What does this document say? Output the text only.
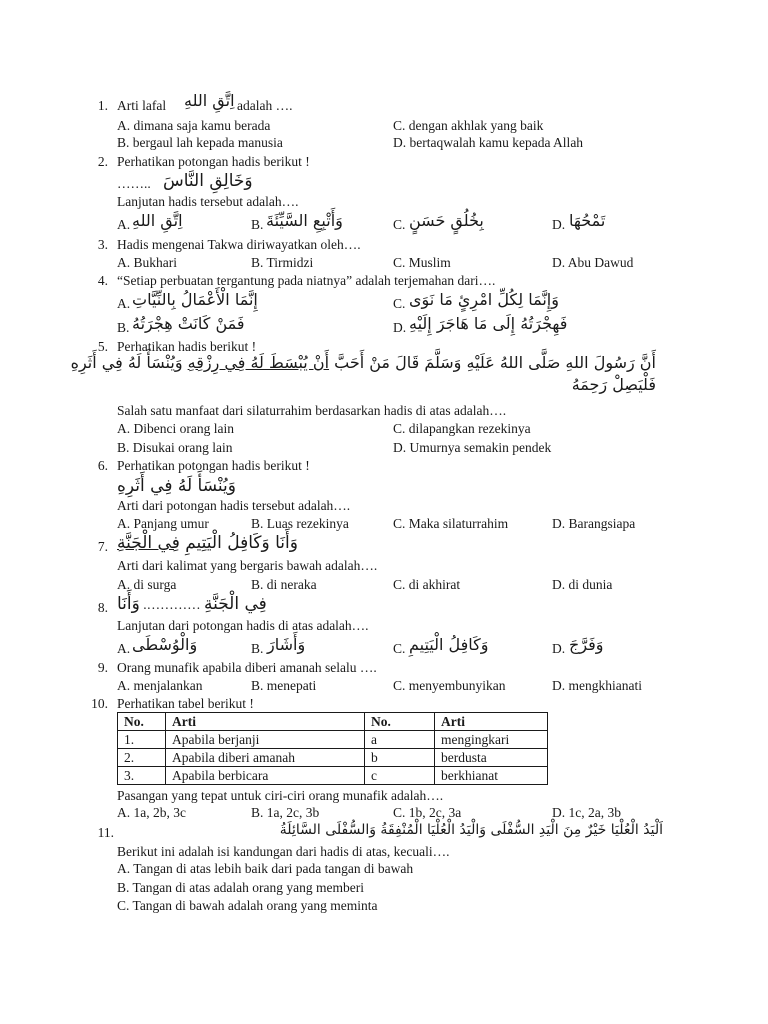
1. Arti lafal اِتَّقِ اللهِ adalah ….
A. dimana saja kamu berada
B. bergaul lah kepada manusia
C. dengan akhlak yang baik
D. bertaqwalah kamu kepada Allah
2. Perhatikan potongan hadis berikut !
…….. وَخَالِقِ النَّاسَ
Lanjutan hadis tersebut adalah….
A. اِتَّقِ اللهِ	B. وَأَتْبِعِ السَّيِّئَةَ	C. بِخُلُقٍ حَسَنٍ	D. تَمْحُهَا
3. Hadis mengenai Takwa diriwayatkan oleh….
A. Bukhari	B. Tirmidzi	C. Muslim	D. Abu Dawud
4. “Setiap perbuatan tergantung pada niatnya” adalah terjemahan dari….
A. إِنَّمَا الْأَعْمَالُ بِالنِّيَّاتِ
B. فَمَنْ كَانَتْ هِجْرَتُهُ
C. وَإِنَّمَا لِكُلِّ امْرِئٍ مَا نَوَى
D. فَهِجْرَتُهُ إِلَى مَا هَاجَرَ إِلَيْهِ
5. Perhatikan hadis berikut !
أَنَّ رَسُولَ اللهِ صَلَّى اللهُ عَلَيْهِ وَسَلَّمَ قَالَ مَنْ أَحَبَّ أَنْ يُبْسَطَ لَهُ فِي رِزْقِهِ وَيُنْسَأَ لَهُ فِي أَثَرِهِ
فَلْيَصِلْ رَحِمَهُ
Salah satu manfaat dari silaturrahim berdasarkan hadis di atas adalah….
A. Dibenci orang lain
B. Disukai orang lain
C. dilapangkan rezekinya
D. Umurnya semakin pendek
6. Perhatikan potongan hadis berikut !
وَيُنْسَأَ لَهُ فِي أَثَرِهِ
Arti dari potongan hadis tersebut adalah….
A. Panjang umur	B. Luas rezekinya	C. Maka silaturrahim	D. Barangsiapa
7.	وَأَنَا وَكَافِلُ الْيَتِيمِ فِي الْجَنَّةِ
Arti dari kalimat yang bergaris bawah adalah….
A. di surga	B. di neraka	C. di akhirat	D. di dunia
8.	فِي الْجَنَّةِ …………. وَأَنَا
Lanjutan dari potongan hadis di atas adalah….
A. وَالْوُسْطَى	B. وَأَشَارَ	C. وَكَافِلُ الْيَتِيمِ	D. وَفَرَّجَ
9. Orang munafik apabila diberi amanah selalu ….
A. menjalankan	B. menepati	C. menyembunyikan	D. mengkhianati
10. Perhatikan tabel berikut !
No.	Arti	No.	Arti
1.	Apabila berjanji	a	mengingkari
2.	Apabila diberi amanah	b	berdusta
3.	Apabila berbicara	c	berkhianat
Pasangan yang tepat untuk ciri-ciri orang munafik adalah….
A. 1a, 2b, 3c	B. 1a, 2c, 3b	C. 1b, 2c, 3a	D. 1c, 2a, 3b
11.	اَلْيَدُ الْعُلْيَا خَيْرٌ مِنَ الْيَدِ السُّفْلَى وَالْيَدُ الْعُلْيَا الْمُنْفِقَةُ وَالسُّفْلَى السَّائِلَةُ
Berikut ini adalah isi kandungan dari hadis di atas, kecuali….
A. Tangan di atas lebih baik dari pada tangan di bawah
B. Tangan di atas adalah orang yang memberi
C. Tangan di bawah adalah orang yang meminta
